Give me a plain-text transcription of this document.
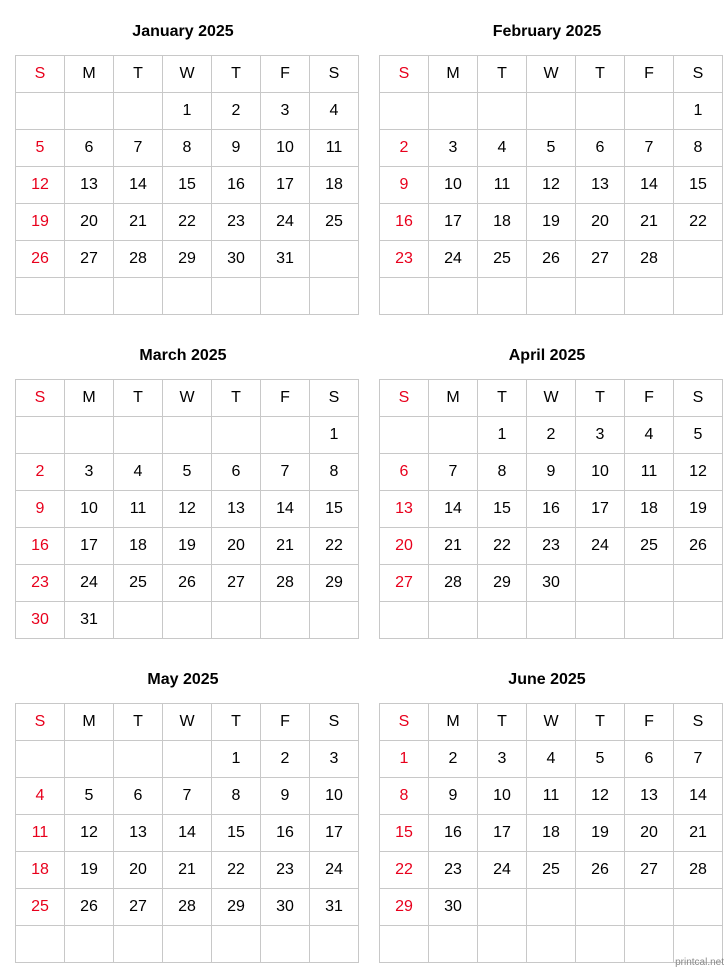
January 2025
S	M	T	W	T	F	S
			1	2	3	4
5	6	7	8	9	10	11
12	13	14	15	16	17	18
19	20	21	22	23	24	25
26	27	28	29	30	31	

February 2025
S	M	T	W	T	F	S
						1
2	3	4	5	6	7	8
9	10	11	12	13	14	15
16	17	18	19	20	21	22
23	24	25	26	27	28	

March 2025
S	M	T	W	T	F	S
						1
2	3	4	5	6	7	8
9	10	11	12	13	14	15
16	17	18	19	20	21	22
23	24	25	26	27	28	29
30	31					
April 2025
S	M	T	W	T	F	S
		1	2	3	4	5
6	7	8	9	10	11	12
13	14	15	16	17	18	19
20	21	22	23	24	25	26
27	28	29	30			

May 2025
S	M	T	W	T	F	S
				1	2	3
4	5	6	7	8	9	10
11	12	13	14	15	16	17
18	19	20	21	22	23	24
25	26	27	28	29	30	31

June 2025
S	M	T	W	T	F	S
1	2	3	4	5	6	7
8	9	10	11	12	13	14
15	16	17	18	19	20	21
22	23	24	25	26	27	28
29	30					

printcal.net
